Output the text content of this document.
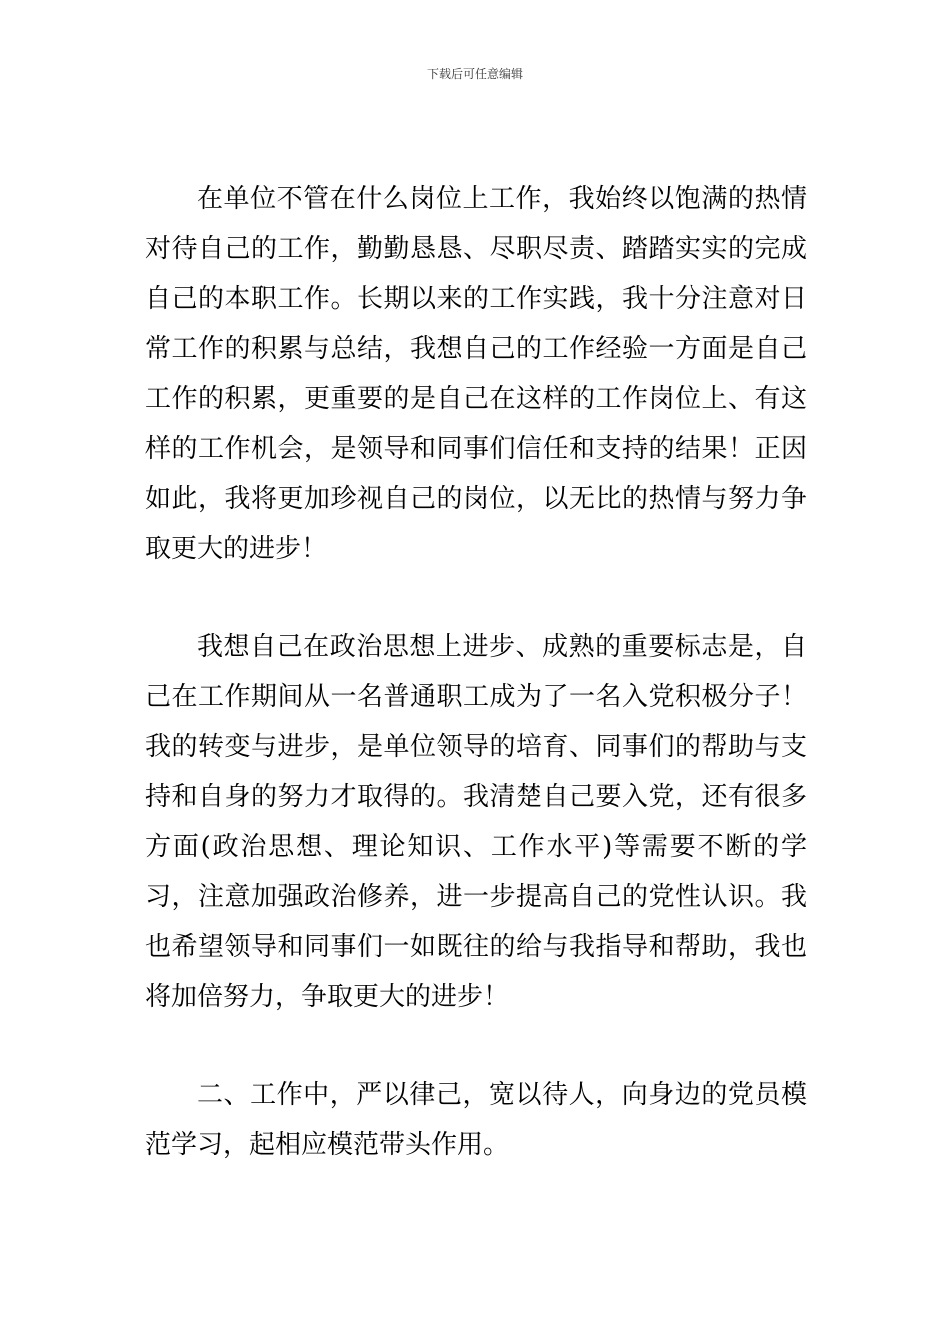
下载后可任意编辑

在单位不管在什么岗位上工作，我始终以饱满的热情对待自己的工作，勤勤恳恳、尽职尽责、踏踏实实的完成自己的本职工作。长期以来的工作实践，我十分注意对日常工作的积累与总结，我想自己的工作经验一方面是自己工作的积累，更重要的是自己在这样的工作岗位上、有这样的工作机会，是领导和同事们信任和支持的结果！正因如此，我将更加珍视自己的岗位，以无比的热情与努力争取更大的进步！

我想自己在政治思想上进步、成熟的重要标志是，自己在工作期间从一名普通职工成为了一名入党积极分子！我的转变与进步，是单位领导的培育、同事们的帮助与支持和自身的努力才取得的。我清楚自己要入党，还有很多方面(政治思想、理论知识、工作水平)等需要不断的学习，注意加强政治修养，进一步提高自己的党性认识。我也希望领导和同事们一如既往的给与我指导和帮助，我也将加倍努力，争取更大的进步！

二、工作中，严以律己，宽以待人，向身边的党员模范学习，起相应模范带头作用。
